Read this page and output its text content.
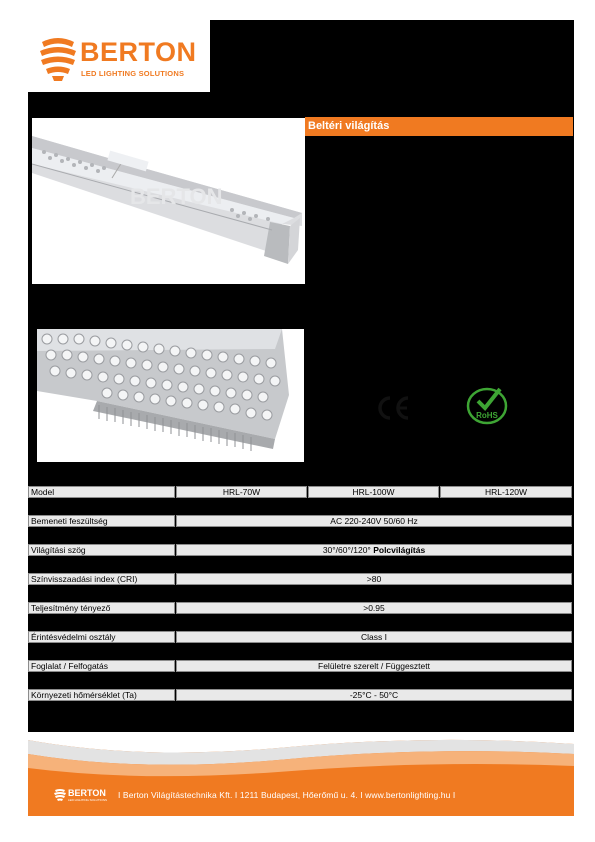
BERTON
LED LIGHTING SOLUTIONS
BERTON
Beltéri világítás
RoHS
Model	HRL-70W	HRL-100W	HRL-120W
Bemeneti feszültség	AC 220-240V 50/60 Hz
Világítási szög	30°/60°/120° Polcvilágítás
Színvisszaadási index (CRI)	>80
Teljesítmény tényező	>0.95
Érintésvédelmi osztály	Class I
Foglalat / Felfogatás	Felületre szerelt / Függesztett
Környezeti hőmérséklet (Ta)	-25°C - 50°C
BERTON
LED LIGHTING SOLUTIONS I Berton Világítástechnika Kft. I 1211 Budapest, Hőerőmű u. 4. I www.bertonlighting.hu I
